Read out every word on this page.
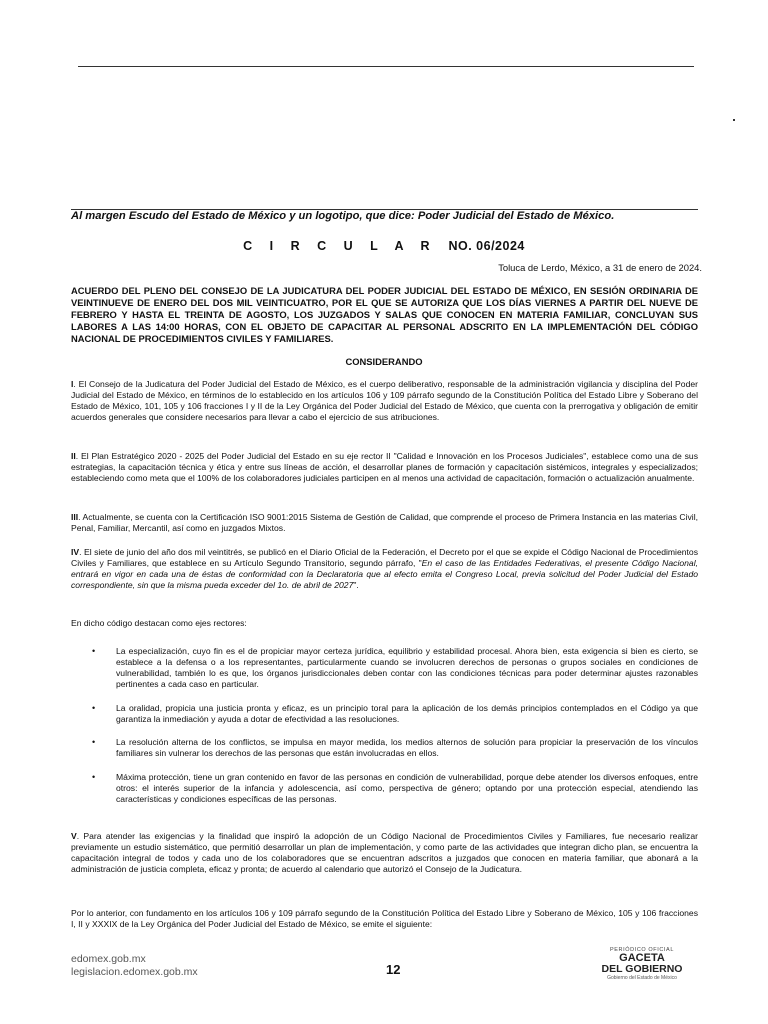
Al margen Escudo del Estado de México y un logotipo, que dice: Poder Judicial del Estado de México.
C I R C U L A R NO. 06/2024
Toluca de Lerdo, México, a 31 de enero de 2024.
ACUERDO DEL PLENO DEL CONSEJO DE LA JUDICATURA DEL PODER JUDICIAL DEL ESTADO DE MÉXICO, EN SESIÓN ORDINARIA DE VEINTINUEVE DE ENERO DEL DOS MIL VEINTICUATRO, POR EL QUE SE AUTORIZA QUE LOS DÍAS VIERNES A PARTIR DEL NUEVE DE FEBRERO Y HASTA EL TREINTA DE AGOSTO, LOS JUZGADOS Y SALAS QUE CONOCEN EN MATERIA FAMILIAR, CONCLUYAN SUS LABORES A LAS 14:00 HORAS, CON EL OBJETO DE CAPACITAR AL PERSONAL ADSCRITO EN LA IMPLEMENTACIÓN DEL CÓDIGO NACIONAL DE PROCEDIMIENTOS CIVILES Y FAMILIARES.
CONSIDERANDO
I. El Consejo de la Judicatura del Poder Judicial del Estado de México, es el cuerpo deliberativo, responsable de la administración vigilancia y disciplina del Poder Judicial del Estado de México, en términos de lo establecido en los artículos 106 y 109 párrafo segundo de la Constitución Política del Estado Libre y Soberano del Estado de México, 101, 105 y 106 fracciones I y II de la Ley Orgánica del Poder Judicial del Estado de México, que cuenta con la prerrogativa y obligación de emitir acuerdos generales que considere necesarios para llevar a cabo el ejercicio de sus atribuciones.
II. El Plan Estratégico 2020 - 2025 del Poder Judicial del Estado en su eje rector II "Calidad e Innovación en los Procesos Judiciales", establece como una de sus estrategias, la capacitación técnica y ética y entre sus líneas de acción, el desarrollar planes de formación y capacitación sistémicos, integrales y especializados; estableciendo como meta que el 100% de los colaboradores judiciales participen en al menos una actividad de capacitación, formación o actualización anualmente.
III. Actualmente, se cuenta con la Certificación ISO 9001:2015 Sistema de Gestión de Calidad, que comprende el proceso de Primera Instancia en las materias Civil, Penal, Familiar, Mercantil, así como en juzgados Mixtos.
IV. El siete de junio del año dos mil veintitrés, se publicó en el Diario Oficial de la Federación, el Decreto por el que se expide el Código Nacional de Procedimientos Civiles y Familiares, que establece en su Artículo Segundo Transitorio, segundo párrafo, "En el caso de las Entidades Federativas, el presente Código Nacional, entrará en vigor en cada una de éstas de conformidad con la Declaratoria que al efecto emita el Congreso Local, previa solicitud del Poder Judicial del Estado correspondiente, sin que la misma pueda exceder del 1o. de abril de 2027".
En dicho código destacan como ejes rectores:
• La especialización, cuyo fin es el de propiciar mayor certeza jurídica, equilibrio y estabilidad procesal. Ahora bien, esta exigencia si bien es cierto, se establece a la defensa o a los representantes, particularmente cuando se involucren derechos de personas o grupos sociales en condiciones de vulnerabilidad, también lo es que, los órganos jurisdiccionales deben contar con las condiciones técnicas para poder determinar ajustes razonables pertinentes a cada caso en particular.
• La oralidad, propicia una justicia pronta y eficaz, es un principio toral para la aplicación de los demás principios contemplados en el Código ya que garantiza la inmediación y ayuda a dotar de efectividad a las resoluciones.
• La resolución alterna de los conflictos, se impulsa en mayor medida, los medios alternos de solución para propiciar la preservación de los vínculos familiares sin vulnerar los derechos de las personas que están involucradas en ellos.
• Máxima protección, tiene un gran contenido en favor de las personas en condición de vulnerabilidad, porque debe atender los diversos enfoques, entre otros: el interés superior de la infancia y adolescencia, así como, perspectiva de género; optando por una protección especial, atendiendo las características y condiciones específicas de las personas.
V. Para atender las exigencias y la finalidad que inspiró la adopción de un Código Nacional de Procedimientos Civiles y Familiares, fue necesario realizar previamente un estudio sistemático, que permitió desarrollar un plan de implementación, y como parte de las actividades que integran dicho plan, se encuentra la capacitación integral de todos y cada uno de los colaboradores que se encuentran adscritos a juzgados que conocen en materia familiar, que abonará a la administración de justicia completa, eficaz y pronta; de acuerdo al calendario que autorizó el Consejo de la Judicatura.
Por lo anterior, con fundamento en los artículos 106 y 109 párrafo segundo de la Constitución Política del Estado Libre y Soberano de México, 105 y 106 fracciones I, II y XXXIX de la Ley Orgánica del Poder Judicial del Estado de México, se emite el siguiente:
edomex.gob.mx
legislacion.edomex.gob.mx	12
PERIÓDICO OFICIAL
GACETA
DEL GOBIERNO
Gobierno del Estado de México
